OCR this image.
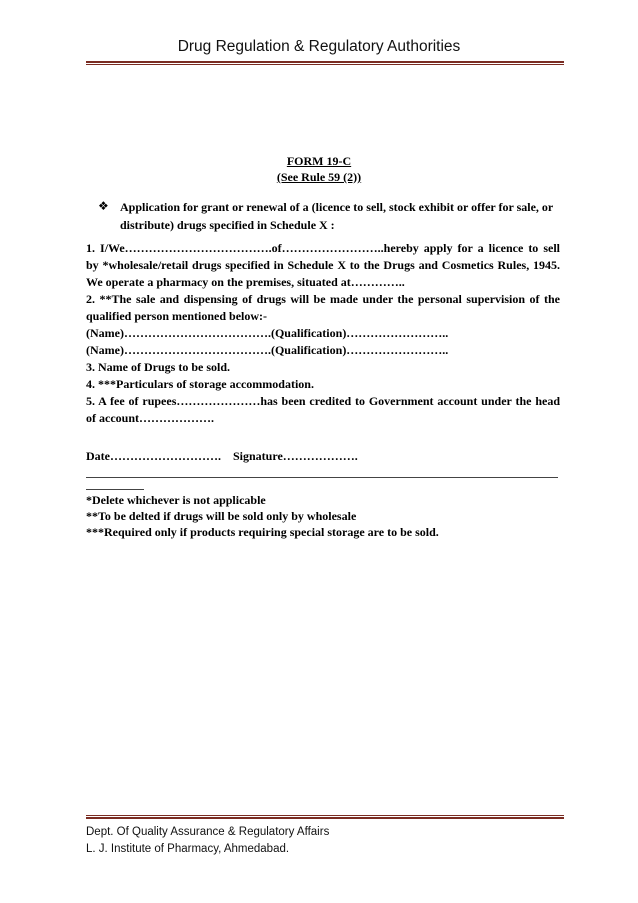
Drug Regulation & Regulatory Authorities
FORM 19-C
(See Rule 59 (2))
❖ Application for grant or renewal of a (licence to sell, stock exhibit or offer for sale, or distribute) drugs specified in Schedule X :

1. I/We……………………………….of……………………..hereby apply for a licence to sell by *wholesale/retail drugs specified in Schedule X to the Drugs and Cosmetics Rules, 1945. We operate a pharmacy on the premises, situated at…………..

2. **The sale and dispensing of drugs will be made under the personal supervision of the qualified person mentioned below:-

(Name)……………………………….(Qualification)……………………..

(Name)……………………………….(Qualification)……………………..

3. Name of Drugs to be sold.

4. ***Particulars of storage accommodation.

5. A fee of rupees…………………has been credited to Government account under the head of account……………….

Date……………………….    Signature……………….
*Delete whichever is not applicable
**To be delted if drugs will be sold only by wholesale
***Required only if products requiring special storage are to be sold.
Dept. Of Quality Assurance & Regulatory Affairs
L. J. Institute of Pharmacy, Ahmedabad.
